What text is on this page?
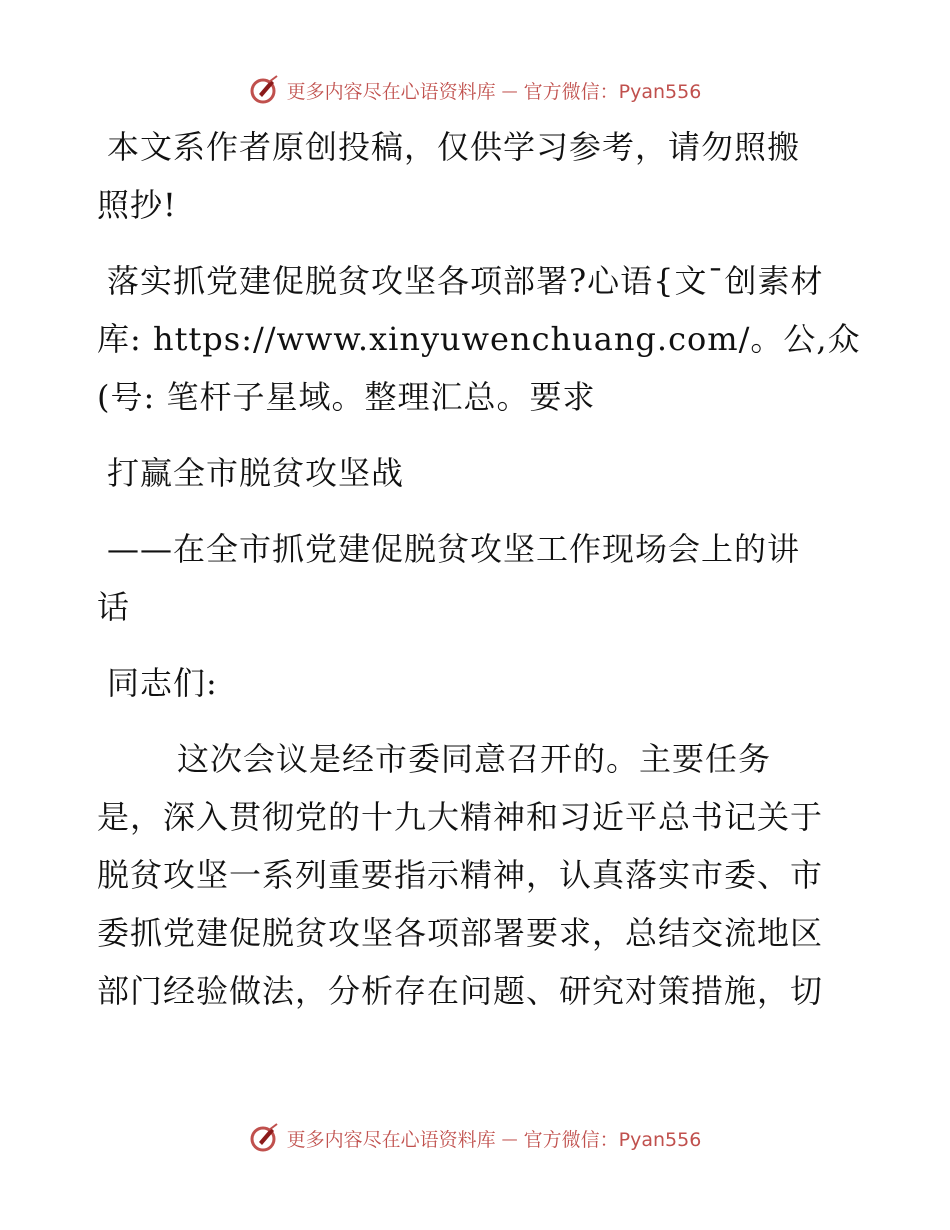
更多内容尽在心语资料库 — 官方微信：Pyan556
本文系作者原创投稿，仅供学习参考，请勿照搬
照抄!
落实抓党建促脱贫攻坚各项部署?心语{文¯创素材
库: https://www.xinyuwenchuang.com/。公,众
(号: 笔杆子星域。整理汇总。要求
打赢全市脱贫攻坚战
——在全市抓党建促脱贫攻坚工作现场会上的讲
话
同志们:
这次会议是经市委同意召开的。主要任务
是，深入贯彻党的十九大精神和习近平总书记关于
脱贫攻坚一系列重要指示精神，认真落实市委、市
委抓党建促脱贫攻坚各项部署要求，总结交流地区
部门经验做法，分析存在问题、研究对策措施，切
更多内容尽在心语资料库 — 官方微信：Pyan556
